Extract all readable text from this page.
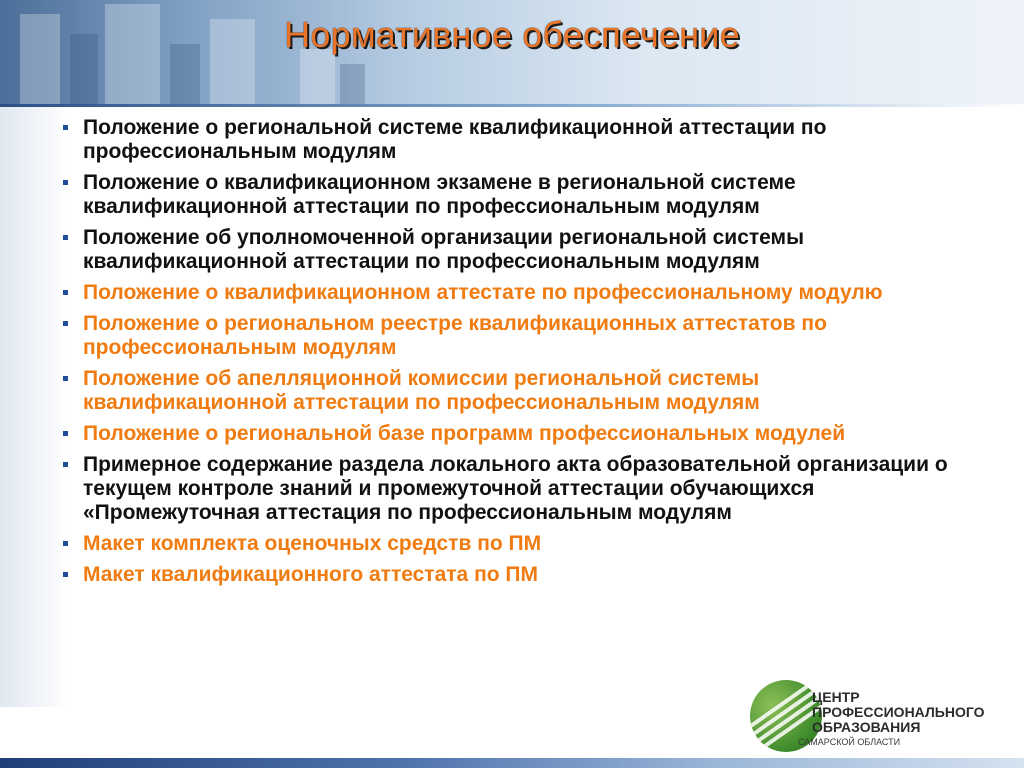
Нормативное обеспечение
Положение о региональной системе квалификационной аттестации по профессиональным модулям
Положение о квалификационном экзамене в региональной системе квалификационной аттестации по профессиональным модулям
Положение об уполномоченной организации региональной системы квалификационной аттестации по профессиональным модулям
Положение о квалификационном аттестате по профессиональному модулю
Положение о региональном реестре квалификационных аттестатов по профессиональным модулям
Положение об апелляционной комиссии региональной системы квалификационной аттестации по профессиональным модулям
Положение о региональной базе программ профессиональных модулей
Примерное содержание раздела локального акта образовательной организации о текущем контроле знаний и промежуточной аттестации обучающихся «Промежуточная аттестация по профессиональным модулям
Макет комплекта оценочных средств по ПМ
Макет квалификационного аттестата по ПМ
ЦЕНТР
ПРОФЕССИОНАЛЬНОГО
ОБРАЗОВАНИЯ
САМАРСКОЙ ОБЛАСТИ
